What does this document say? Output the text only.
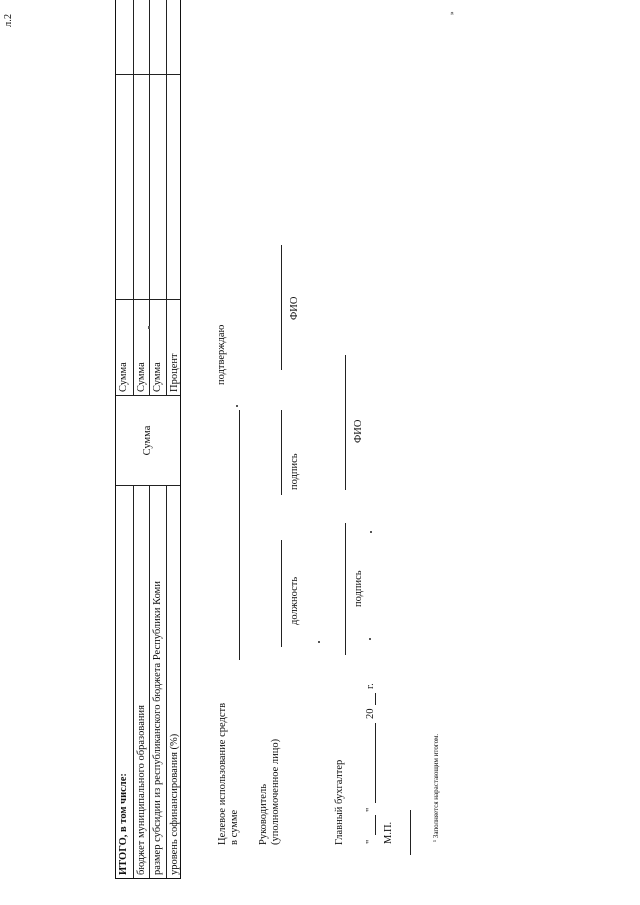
л.2
ИТОГО, в том числе: бюджет муниципального образования размер субсидии из республиканского бюджета Республики Коми уровень софинансирования (%)
Сумма
Сумма Сумма Сумма Процент
Целевое использование средств в сумме
подтверждаю
Руководитель (уполномоченное лицо)
должность
подпись
ФИО
Главный бухгалтер
подпись
ФИО
"
"
20
г.
М.П.	¹ Заполняется нарастающим итогом.
»
